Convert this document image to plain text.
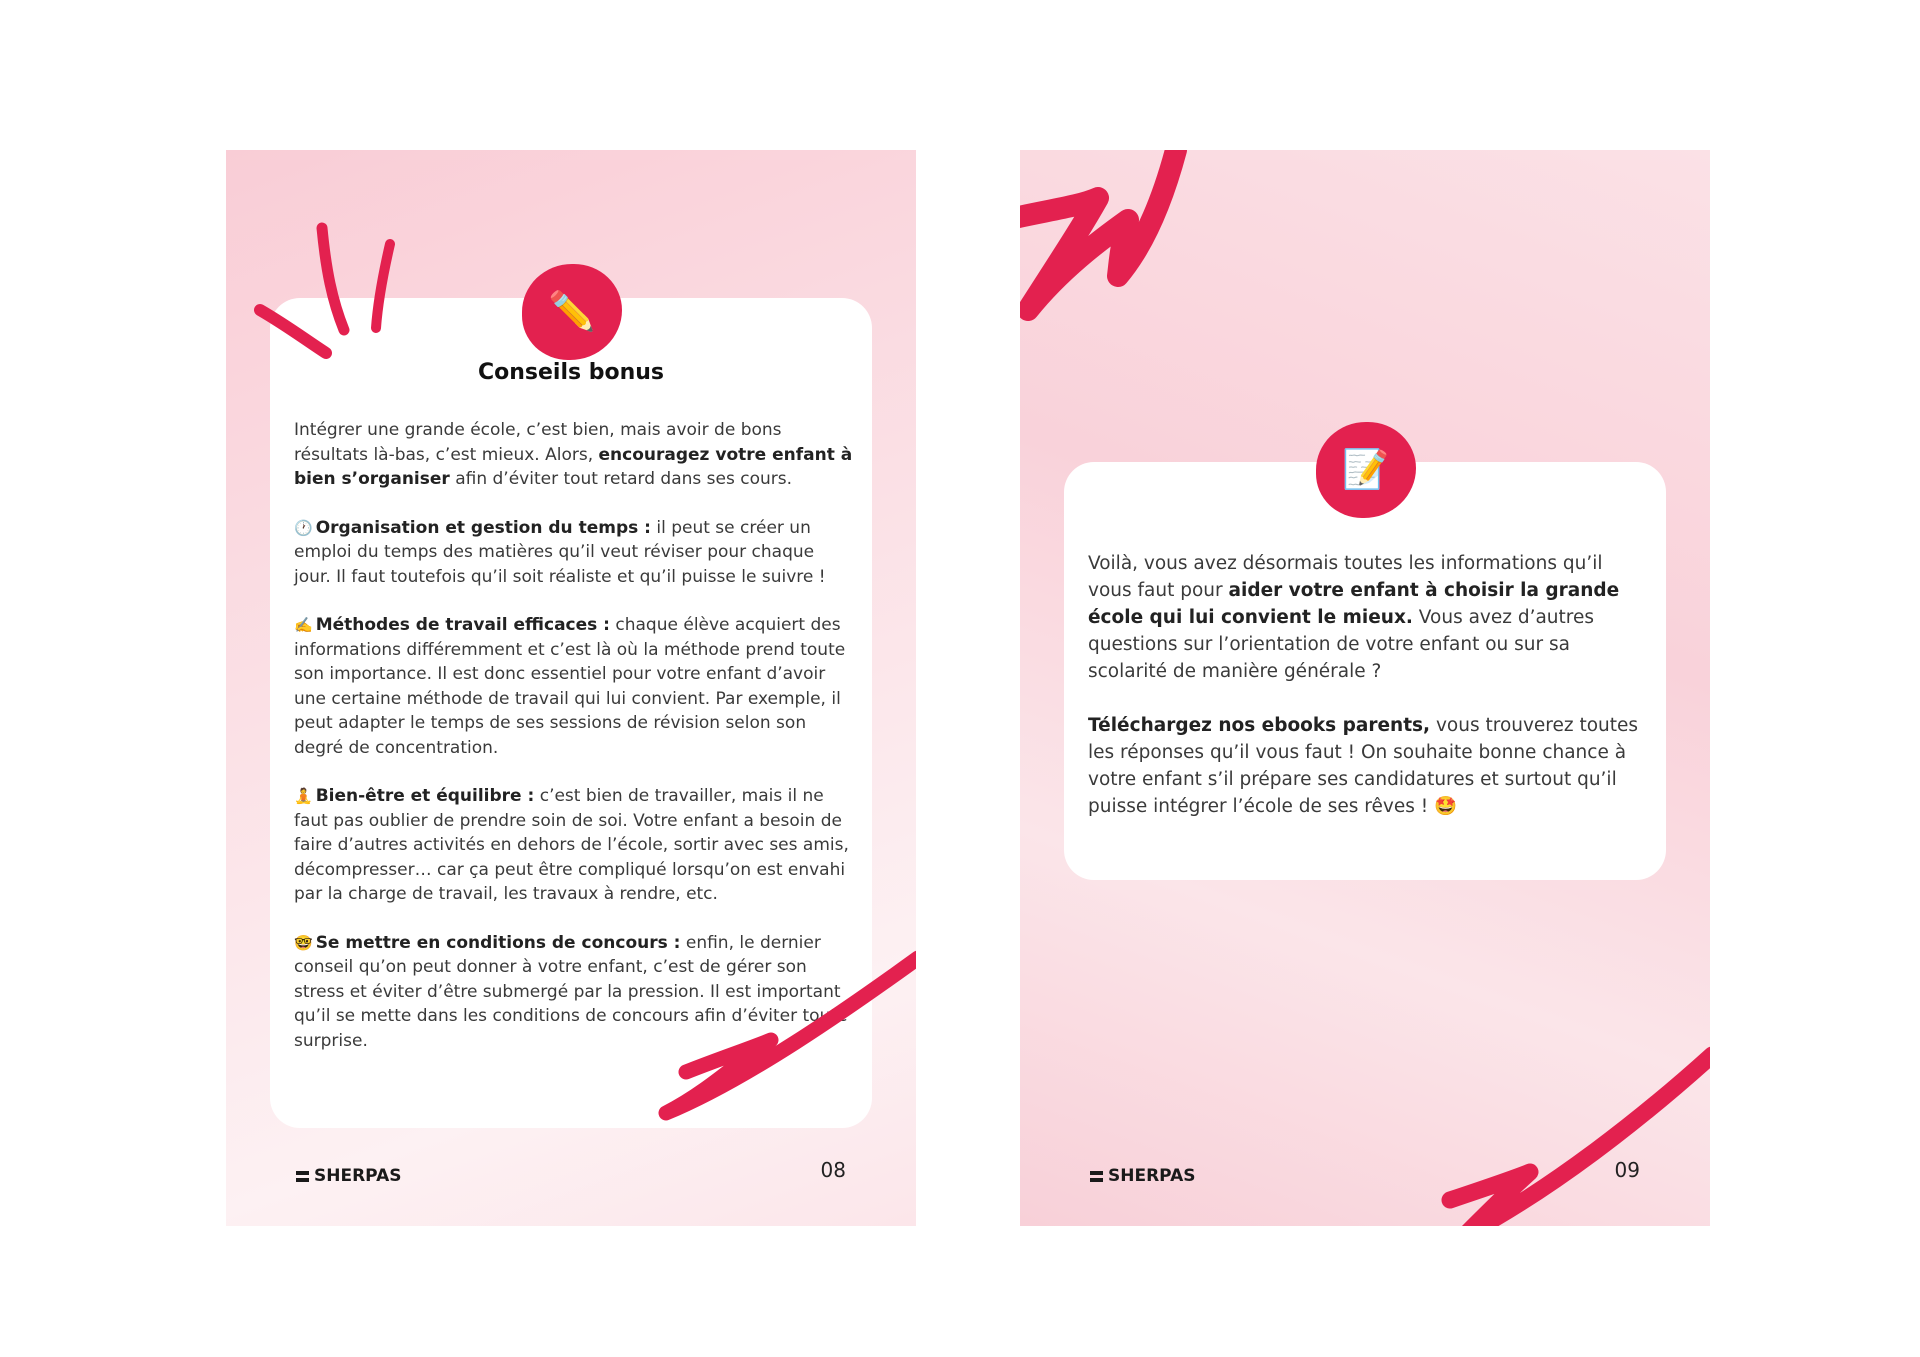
✏️
Conseils bonus

Intégrer une grande école, c’est bien, mais avoir de bons résultats là-bas, c’est mieux. Alors, encouragez votre enfant à bien s’organiser afin d’éviter tout retard dans ses cours.

🕐 Organisation et gestion du temps : il peut se créer un emploi du temps des matières qu’il veut réviser pour chaque jour. Il faut toutefois qu’il soit réaliste et qu’il puisse le suivre !

✍️ Méthodes de travail efficaces : chaque élève acquiert des informations différemment et c’est là où la méthode prend toute son importance. Il est donc essentiel pour votre enfant d’avoir une certaine méthode de travail qui lui convient. Par exemple, il peut adapter le temps de ses sessions de révision selon son degré de concentration.

🧘 Bien-être et équilibre : c’est bien de travailler, mais il ne faut pas oublier de prendre soin de soi. Votre enfant a besoin de faire d’autres activités en dehors de l’école, sortir avec ses amis, décompresser… car ça peut être compliqué lorsqu’on est envahi par la charge de travail, les travaux à rendre, etc.

🤓 Se mettre en conditions de concours : enfin, le dernier conseil qu’on peut donner à votre enfant, c’est de gérer son stress et éviter d’être submergé par la pression. Il est important qu’il se mette dans les conditions de concours afin d’éviter toute surprise.

SHERPAS	08
📝

Voilà, vous avez désormais toutes les informations qu’il vous faut pour aider votre enfant à choisir la grande école qui lui convient le mieux. Vous avez d’autres questions sur l’orientation de votre enfant ou sur sa scolarité de manière générale ?

Téléchargez nos ebooks parents, vous trouverez toutes les réponses qu’il vous faut ! On souhaite bonne chance à votre enfant s’il prépare ses candidatures et surtout qu’il puisse intégrer l’école de ses rêves ! 🤩

SHERPAS	09
